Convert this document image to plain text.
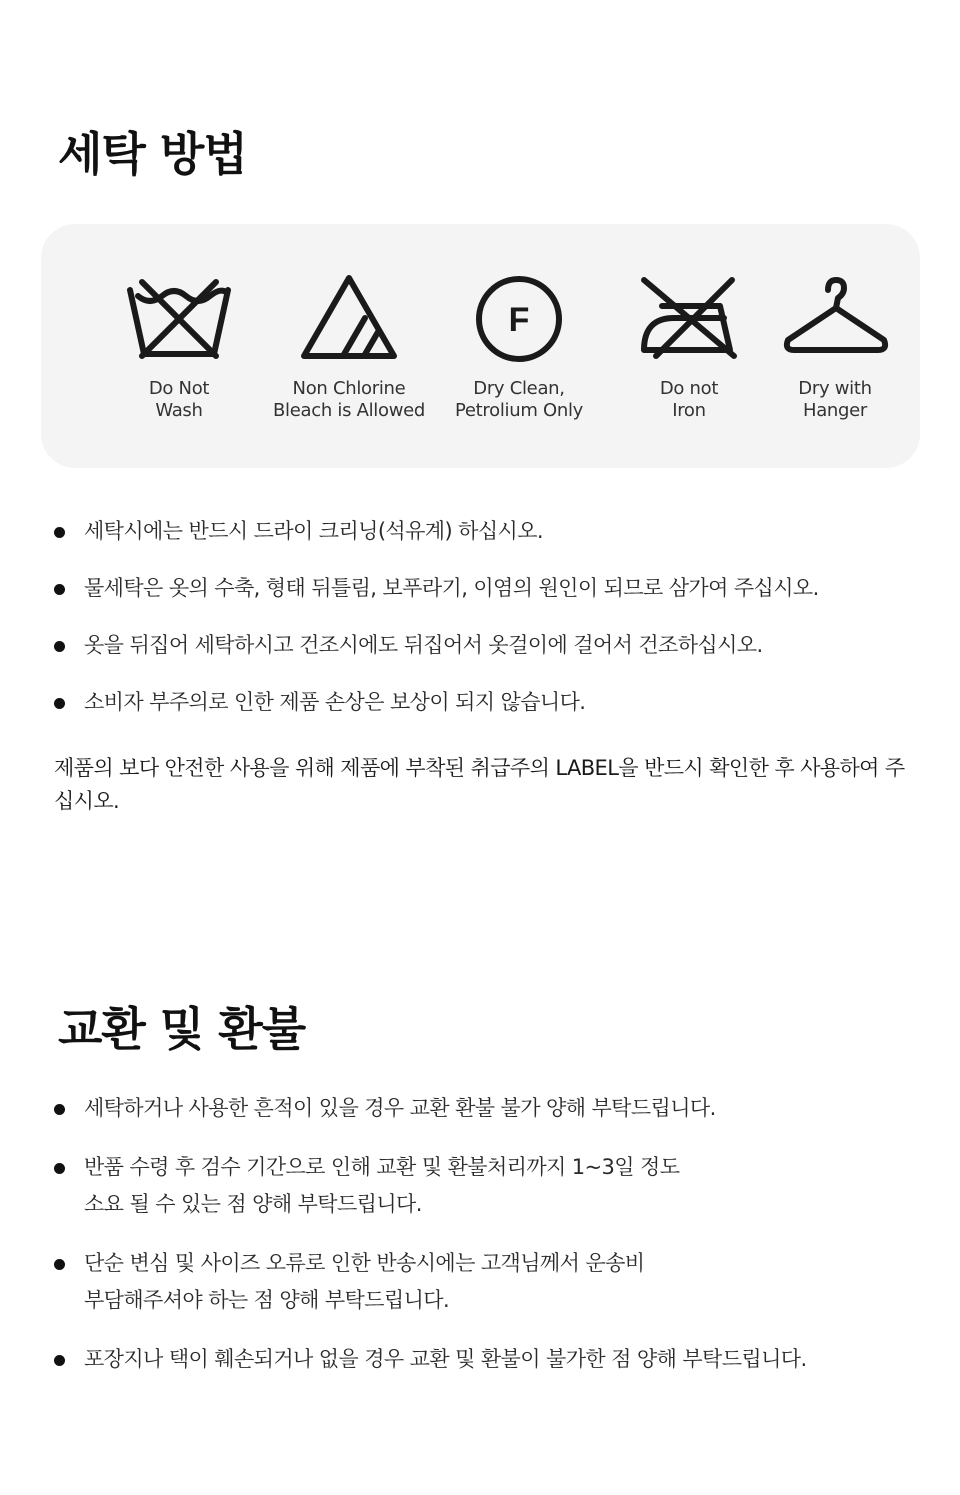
세탁 방법
Do Not
Wash
Non Chlorine
Bleach is Allowed
F
Dry Clean,
Petrolium Only
Do not
Iron
Dry with
Hanger
세탁시에는 반드시 드라이 크리닝(석유계) 하십시오.
물세탁은 옷의 수축, 형태 뒤틀림, 보푸라기, 이염의 원인이 되므로 삼가여 주십시오.
옷을 뒤집어 세탁하시고 건조시에도 뒤집어서 옷걸이에 걸어서 건조하십시오.
소비자 부주의로 인한 제품 손상은 보상이 되지 않습니다.

제품의 보다 안전한 사용을 위해 제품에 부착된 취급주의 LABEL을 반드시 확인한 후 사용하여 주십시오.

교환 및 환불
세탁하거나 사용한 흔적이 있을 경우 교환 환불 불가 양해 부탁드립니다.
반품 수령 후 검수 기간으로 인해 교환 및 환불처리까지 1~3일 정도
소요 될 수 있는 점 양해 부탁드립니다.
단순 변심 및 사이즈 오류로 인한 반송시에는 고객님께서 운송비
부담해주셔야 하는 점 양해 부탁드립니다.
포장지나 택이 훼손되거나 없을 경우 교환 및 환불이 불가한 점 양해 부탁드립니다.
